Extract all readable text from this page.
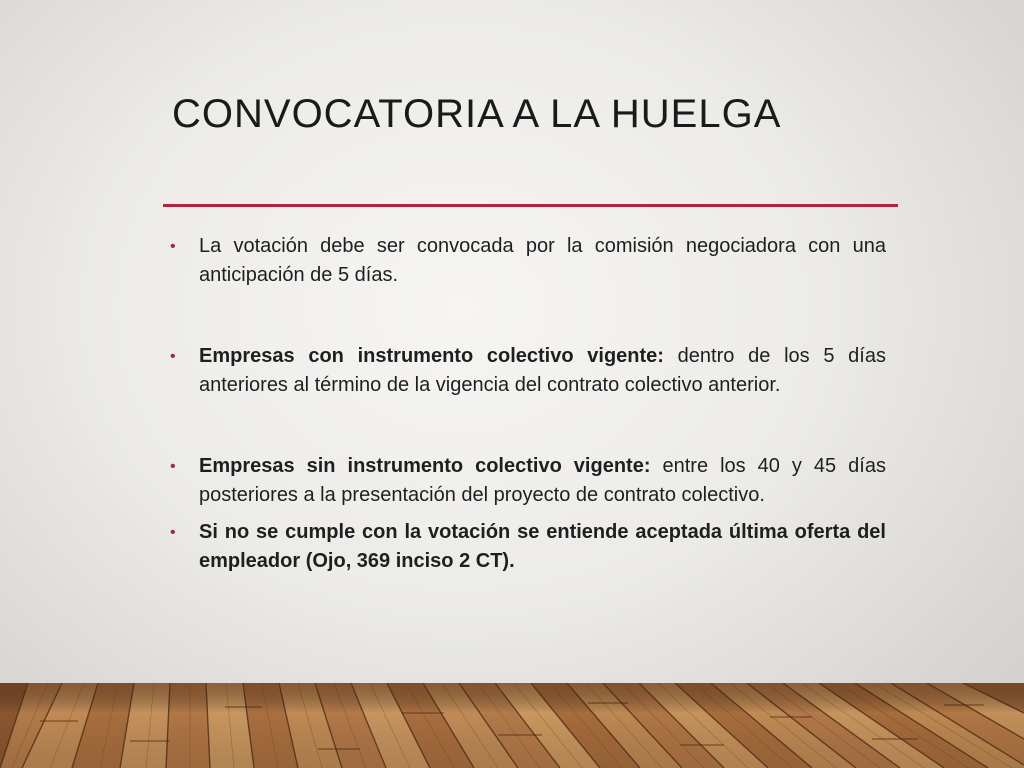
CONVOCATORIA A LA HUELGA
• La votación debe ser convocada por la comisión negociadora con una anticipación de 5 días.
• Empresas con instrumento colectivo vigente: dentro de los 5 días anteriores al término de la vigencia del contrato colectivo anterior.
• Empresas sin instrumento colectivo vigente: entre los 40 y 45 días posteriores a la presentación del proyecto de contrato colectivo.
• Si no se cumple con la votación se entiende aceptada última oferta del empleador (Ojo, 369 inciso 2 CT).
